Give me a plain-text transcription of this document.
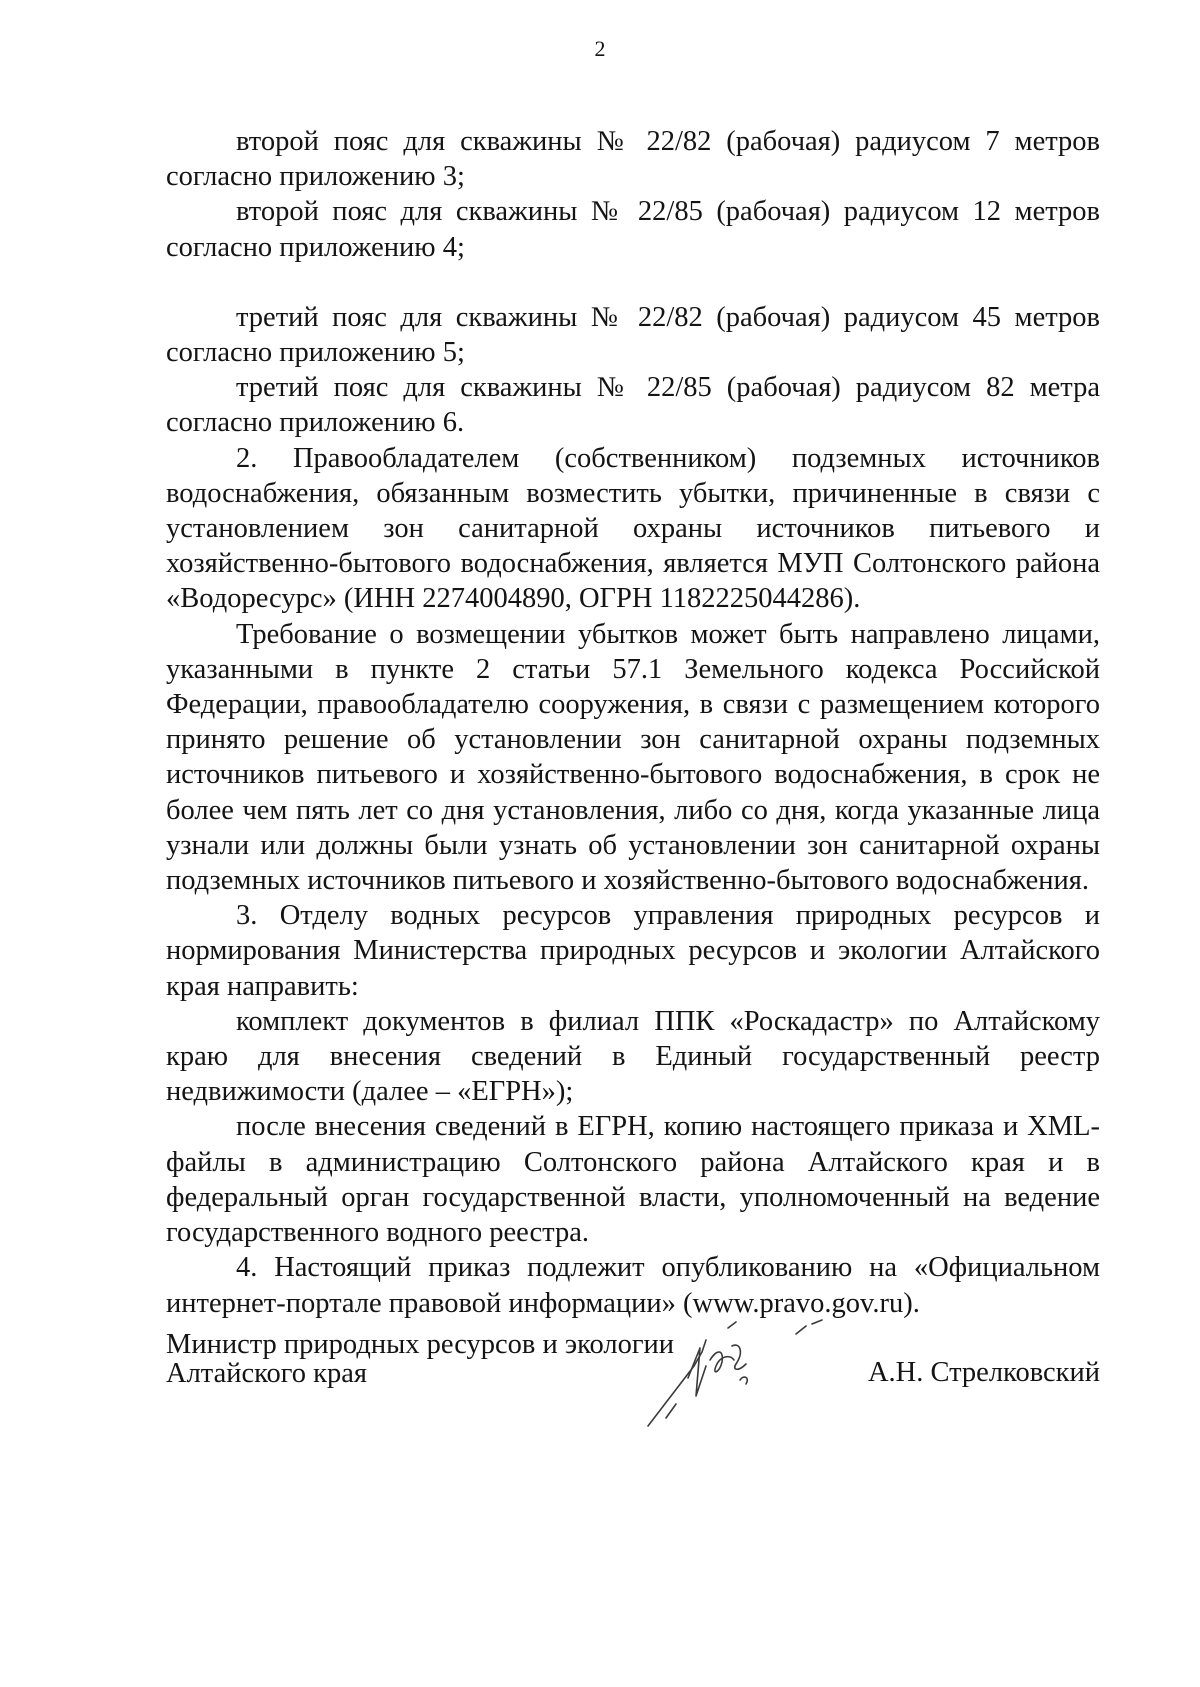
2

второй пояс для скважины № 22/82 (рабочая) радиусом 7 метров согласно приложению 3;

второй пояс для скважины № 22/85 (рабочая) радиусом 12 метров согласно приложению 4;

третий пояс для скважины № 22/82 (рабочая) радиусом 45 метров согласно приложению 5;

третий пояс для скважины № 22/85 (рабочая) радиусом 82 метра согласно приложению 6.

2. Правообладателем (собственником) подземных источников водоснабжения, обязанным возместить убытки, причиненные в связи с установлением зон санитарной охраны источников питьевого и хозяйственно-бытового водоснабжения, является МУП Солтонского района «Водоресурс» (ИНН 2274004890, ОГРН 1182225044286).

Требование о возмещении убытков может быть направлено лицами, указанными в пункте 2 статьи 57.1 Земельного кодекса Российской Федерации, правообладателю сооружения, в связи с размещением которого принято решение об установлении зон санитарной охраны подземных источников питьевого и хозяйственно-бытового водоснабжения, в срок не более чем пять лет со дня установления, либо со дня, когда указанные лица узнали или должны были узнать об установлении зон санитарной охраны подземных источников питьевого и хозяйственно-бытового водоснабжения.

3. Отделу водных ресурсов управления природных ресурсов и нормирования Министерства природных ресурсов и экологии Алтайского края направить:

комплект документов в филиал ППК «Роскадастр» по Алтайскому краю для внесения сведений в Единый государственный реестр недвижимости (далее – «ЕГРН»);

после внесения сведений в ЕГРН, копию настоящего приказа и XML-файлы в администрацию Солтонского района Алтайского края и в федеральный орган государственной власти, уполномоченный на ведение государственного водного реестра.

4. Настоящий приказ подлежит опубликованию на «Официальном интернет-портале правовой информации» (www.pravo.gov.ru).

Министр природных ресурсов и экологии
Алтайского края	А.Н. Стрелковский
